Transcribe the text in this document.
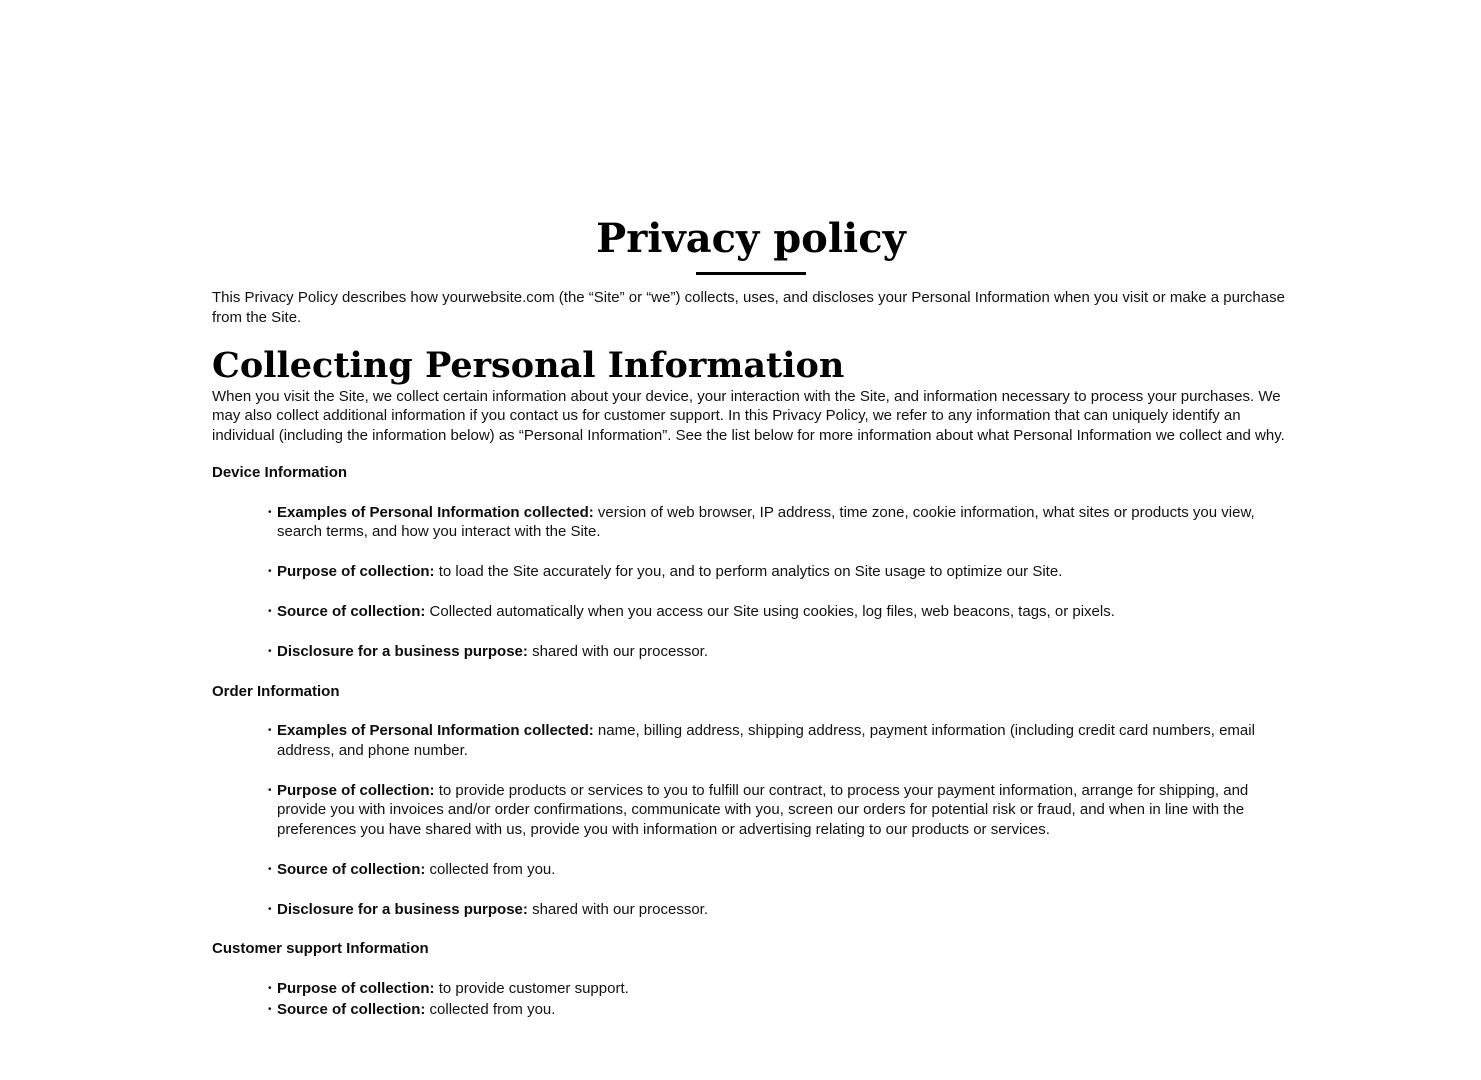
Privacy policy

This Privacy Policy describes how yourwebsite.com (the “Site” or “we”) collects, uses, and discloses your Personal Information when you visit or make a purchase from the Site.

Collecting Personal Information

When you visit the Site, we collect certain information about your device, your interaction with the Site, and information necessary to process your purchases. We may also collect additional information if you contact us for customer support. In this Privacy Policy, we refer to any information that can uniquely identify an individual (including the information below) as “Personal Information”. See the list below for more information about what Personal Information we collect and why.

Device Information
• Examples of Personal Information collected: version of web browser, IP address, time zone, cookie information, what sites or products you view, search terms, and how you interact with the Site.
• Purpose of collection: to load the Site accurately for you, and to perform analytics on Site usage to optimize our Site.
• Source of collection: Collected automatically when you access our Site using cookies, log files, web beacons, tags, or pixels.
• Disclosure for a business purpose: shared with our processor.
Order Information
• Examples of Personal Information collected: name, billing address, shipping address, payment information (including credit card numbers, email address, and phone number.
• Purpose of collection: to provide products or services to you to fulfill our contract, to process your payment information, arrange for shipping, and provide you with invoices and/or order confirmations, communicate with you, screen our orders for potential risk or fraud, and when in line with the preferences you have shared with us, provide you with information or advertising relating to our products or services.
• Source of collection: collected from you.
• Disclosure for a business purpose: shared with our processor.
Customer support Information
• Purpose of collection: to provide customer support.
• Source of collection: collected from you.
